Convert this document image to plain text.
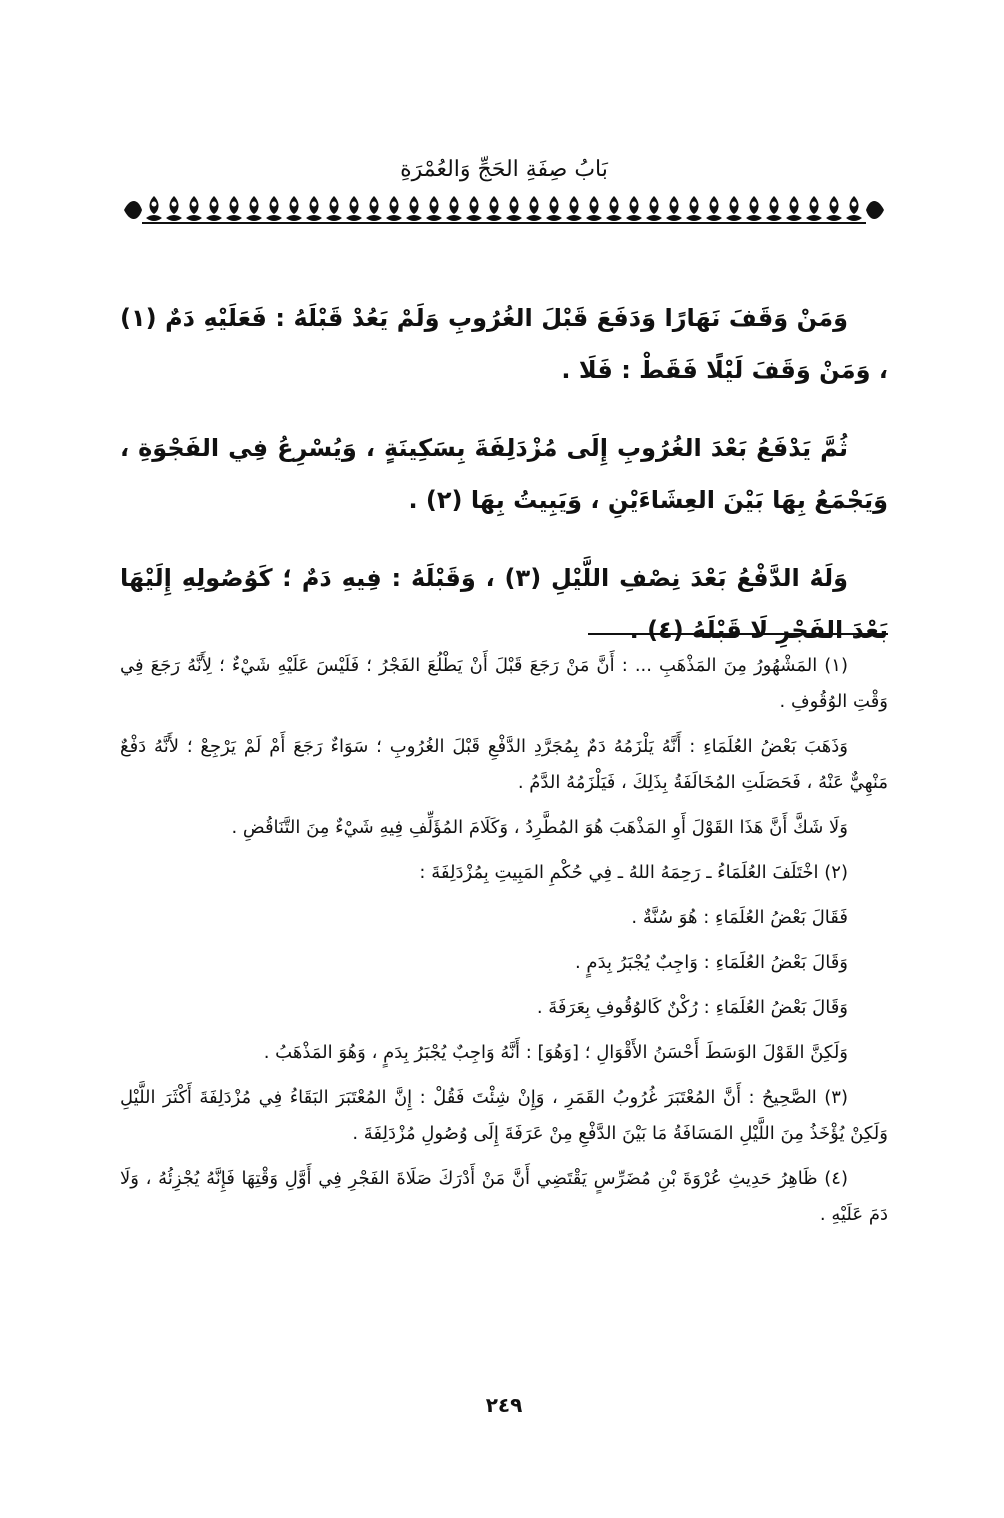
بَابُ صِفَةِ الحَجِّ وَالعُمْرَةِ

وَمَنْ وَقَفَ نَهَارًا وَدَفَعَ قَبْلَ الغُرُوبِ وَلَمْ يَعُدْ قَبْلَهُ : فَعَلَيْهِ دَمٌ (١) ، وَمَنْ وَقَفَ لَيْلًا فَقَطْ : فَلَا .

ثُمَّ يَدْفَعُ بَعْدَ الغُرُوبِ إِلَى مُزْدَلِفَةَ بِسَكِينَةٍ ، وَيُسْرِعُ فِي الفَجْوَةِ ، وَيَجْمَعُ بِهَا بَيْنَ العِشَاءَيْنِ ، وَيَبِيتُ بِهَا (٢) .

وَلَهُ الدَّفْعُ بَعْدَ نِصْفِ اللَّيْلِ (٣) ، وَقَبْلَهُ : فِيهِ دَمٌ ؛ كَوُصُولِهِ إِلَيْهَا بَعْدَ الفَجْرِ لَا قَبْلَهُ (٤) .

(١) المَشْهُورُ مِنَ المَذْهَبِ ... : أَنَّ مَنْ رَجَعَ قَبْلَ أَنْ يَطْلُعَ الفَجْرُ ؛ فَلَيْسَ عَلَيْهِ شَيْءٌ ؛ لِأَنَّهُ رَجَعَ فِي وَقْتِ الوُقُوفِ .

وَذَهَبَ بَعْضُ العُلَمَاءِ : أَنَّهُ يَلْزَمُهُ دَمٌ بِمُجَرَّدِ الدَّفْعِ قَبْلَ الغُرُوبِ ؛ سَوَاءٌ رَجَعَ أَمْ لَمْ يَرْجِعْ ؛ لأَنَّهُ دَفْعٌ مَنْهِيٌّ عَنْهُ ، فَحَصَلَتِ المُخَالَفَةُ بِذَلِكَ ، فَيَلْزَمُهُ الدَّمُ .

وَلَا شَكَّ أَنَّ هَذَا القَوْلَ أَوِ المَذْهَبَ هُوَ المُطَّرِدُ ، وَكَلَامَ المُؤَلِّفِ فِيهِ شَيْءٌ مِنَ التَّنَاقُضِ .

(٢) اخْتَلَفَ العُلَمَاءُ ـ رَحِمَهُ اللهُ ـ فِي حُكْمِ المَبِيتِ بِمُزْدَلِفَةَ :

فَقَالَ بَعْضُ العُلَمَاءِ : هُوَ سُنَّةٌ .

وَقَالَ بَعْضُ العُلَمَاءِ : وَاجِبٌ يُجْبَرُ بِدَمٍ .

وَقَالَ بَعْضُ العُلَمَاءِ : رُكْنٌ كَالوُقُوفِ بِعَرَفَةَ .

وَلَكِنَّ القَوْلَ الوَسَطَ أَحْسَنُ الأَقْوَالِ ؛ [وَهُوَ] : أَنَّهُ وَاجِبٌ يُجْبَرُ بِدَمٍ ، وَهُوَ المَذْهَبُ .

(٣) الصَّحِيحُ : أَنَّ المُعْتَبَرَ غُرُوبُ القَمَرِ ، وَإِنْ شِئْتَ فَقُلْ : إِنَّ المُعْتَبَرَ البَقَاءُ فِي مُزْدَلِفَةَ أَكْثَرَ اللَّيْلِ وَلَكِنْ يُؤْخَذُ مِنَ اللَّيْلِ المَسَافَةُ مَا بَيْنَ الدَّفْعِ مِنْ عَرَفَةَ إِلَى وُصُولِ مُزْدَلِفَةَ .

(٤) ظَاهِرُ حَدِيثِ عُرْوَةَ بْنِ مُضَرِّسٍ يَقْتَضِي أَنَّ مَنْ أَدْرَكَ صَلَاةَ الفَجْرِ فِي أَوَّلِ وَقْتِهَا فَإِنَّهُ يُجْزِئُهُ ، وَلَا دَمَ عَلَيْهِ .

٢٤٩
